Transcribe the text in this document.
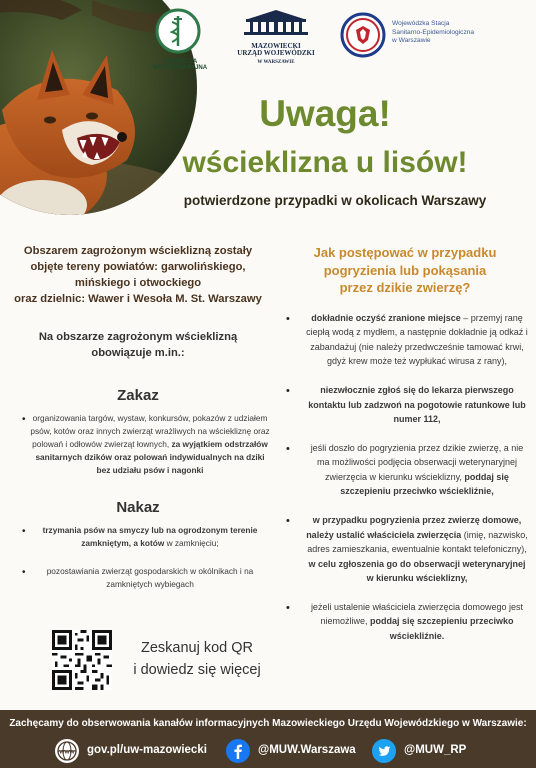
INSPEKCJA WETERYNARYJNA
MAZOWIECKI
URZĄD WOJEWÓDZKI
W WARSZAWIE
Wojewódzka Stacja
Sanitarno-Epidemiologiczna
w Warszawie
Uwaga!
wścieklizna u lisów!
potwierdzone przypadki w okolicach Warszawy
Obszarem zagrożonym wścieklizną zostały
objęte tereny powiatów: garwolińskiego,
mińskiego i otwockiego
oraz dzielnic: Wawer i Wesoła M. St. Warszawy
Na obszarze zagrożonym wścieklizną
obowiązuje m.in.:
Zakaz
• organizowania targów, wystaw, konkursów, pokazów z udziałem psów, kotów oraz innych zwierząt wrażliwych na wściekliznę oraz polowań i odłowów zwierząt łownych, za wyjątkiem odstrzałów sanitarnych dzików oraz polowań indywidualnych na dziki bez udziału psów i nagonki
Nakaz
• trzymania psów na smyczy lub na ogrodzonym terenie zamkniętym, a kotów w zamknięciu;
• pozostawiania zwierząt gospodarskich w okólnikach i na zamkniętych wybiegach
Zeskanuj kod QR
i dowiedz się więcej
Jak postępować w przypadku
pogryzienia lub pokąsania
przez dzikie zwierzę?
• dokładnie oczyść zranione miejsce – przemyj ranę ciepłą wodą z mydłem, a następnie dokładnie ją odkaź i zabandażuj (nie należy przedwcześnie tamować krwi, gdyż krew może też wypłukać wirusa z rany),
• niezwłocznie zgłoś się do lekarza pierwszego kontaktu lub zadzwoń na pogotowie ratunkowe lub numer 112,
• jeśli doszło do pogryzienia przez dzikie zwierzę, a nie ma możliwości podjęcia obserwacji weterynaryjnej zwierzęcia w kierunku wścieklizny, poddaj się szczepieniu przeciwko wściekliźnie,
• w przypadku pogryzienia przez zwierzę domowe, należy ustalić właściciela zwierzęcia (imię, nazwisko, adres zamieszkania, ewentualnie kontakt telefoniczny), w celu zgłoszenia go do obserwacji weterynaryjnej w kierunku wścieklizny,
• jeżeli ustalenie właściciela zwierzęcia domowego jest niemożliwe, poddaj się szczepieniu przeciwko wściekliźnie.
Zachęcamy do obserwowania kanałów informacyjnych Mazowieckiego Urzędu Wojewódzkiego w Warszawie:
www gov.pl/uw-mazowiecki	@MUW.Warszawa	@MUW_RP
